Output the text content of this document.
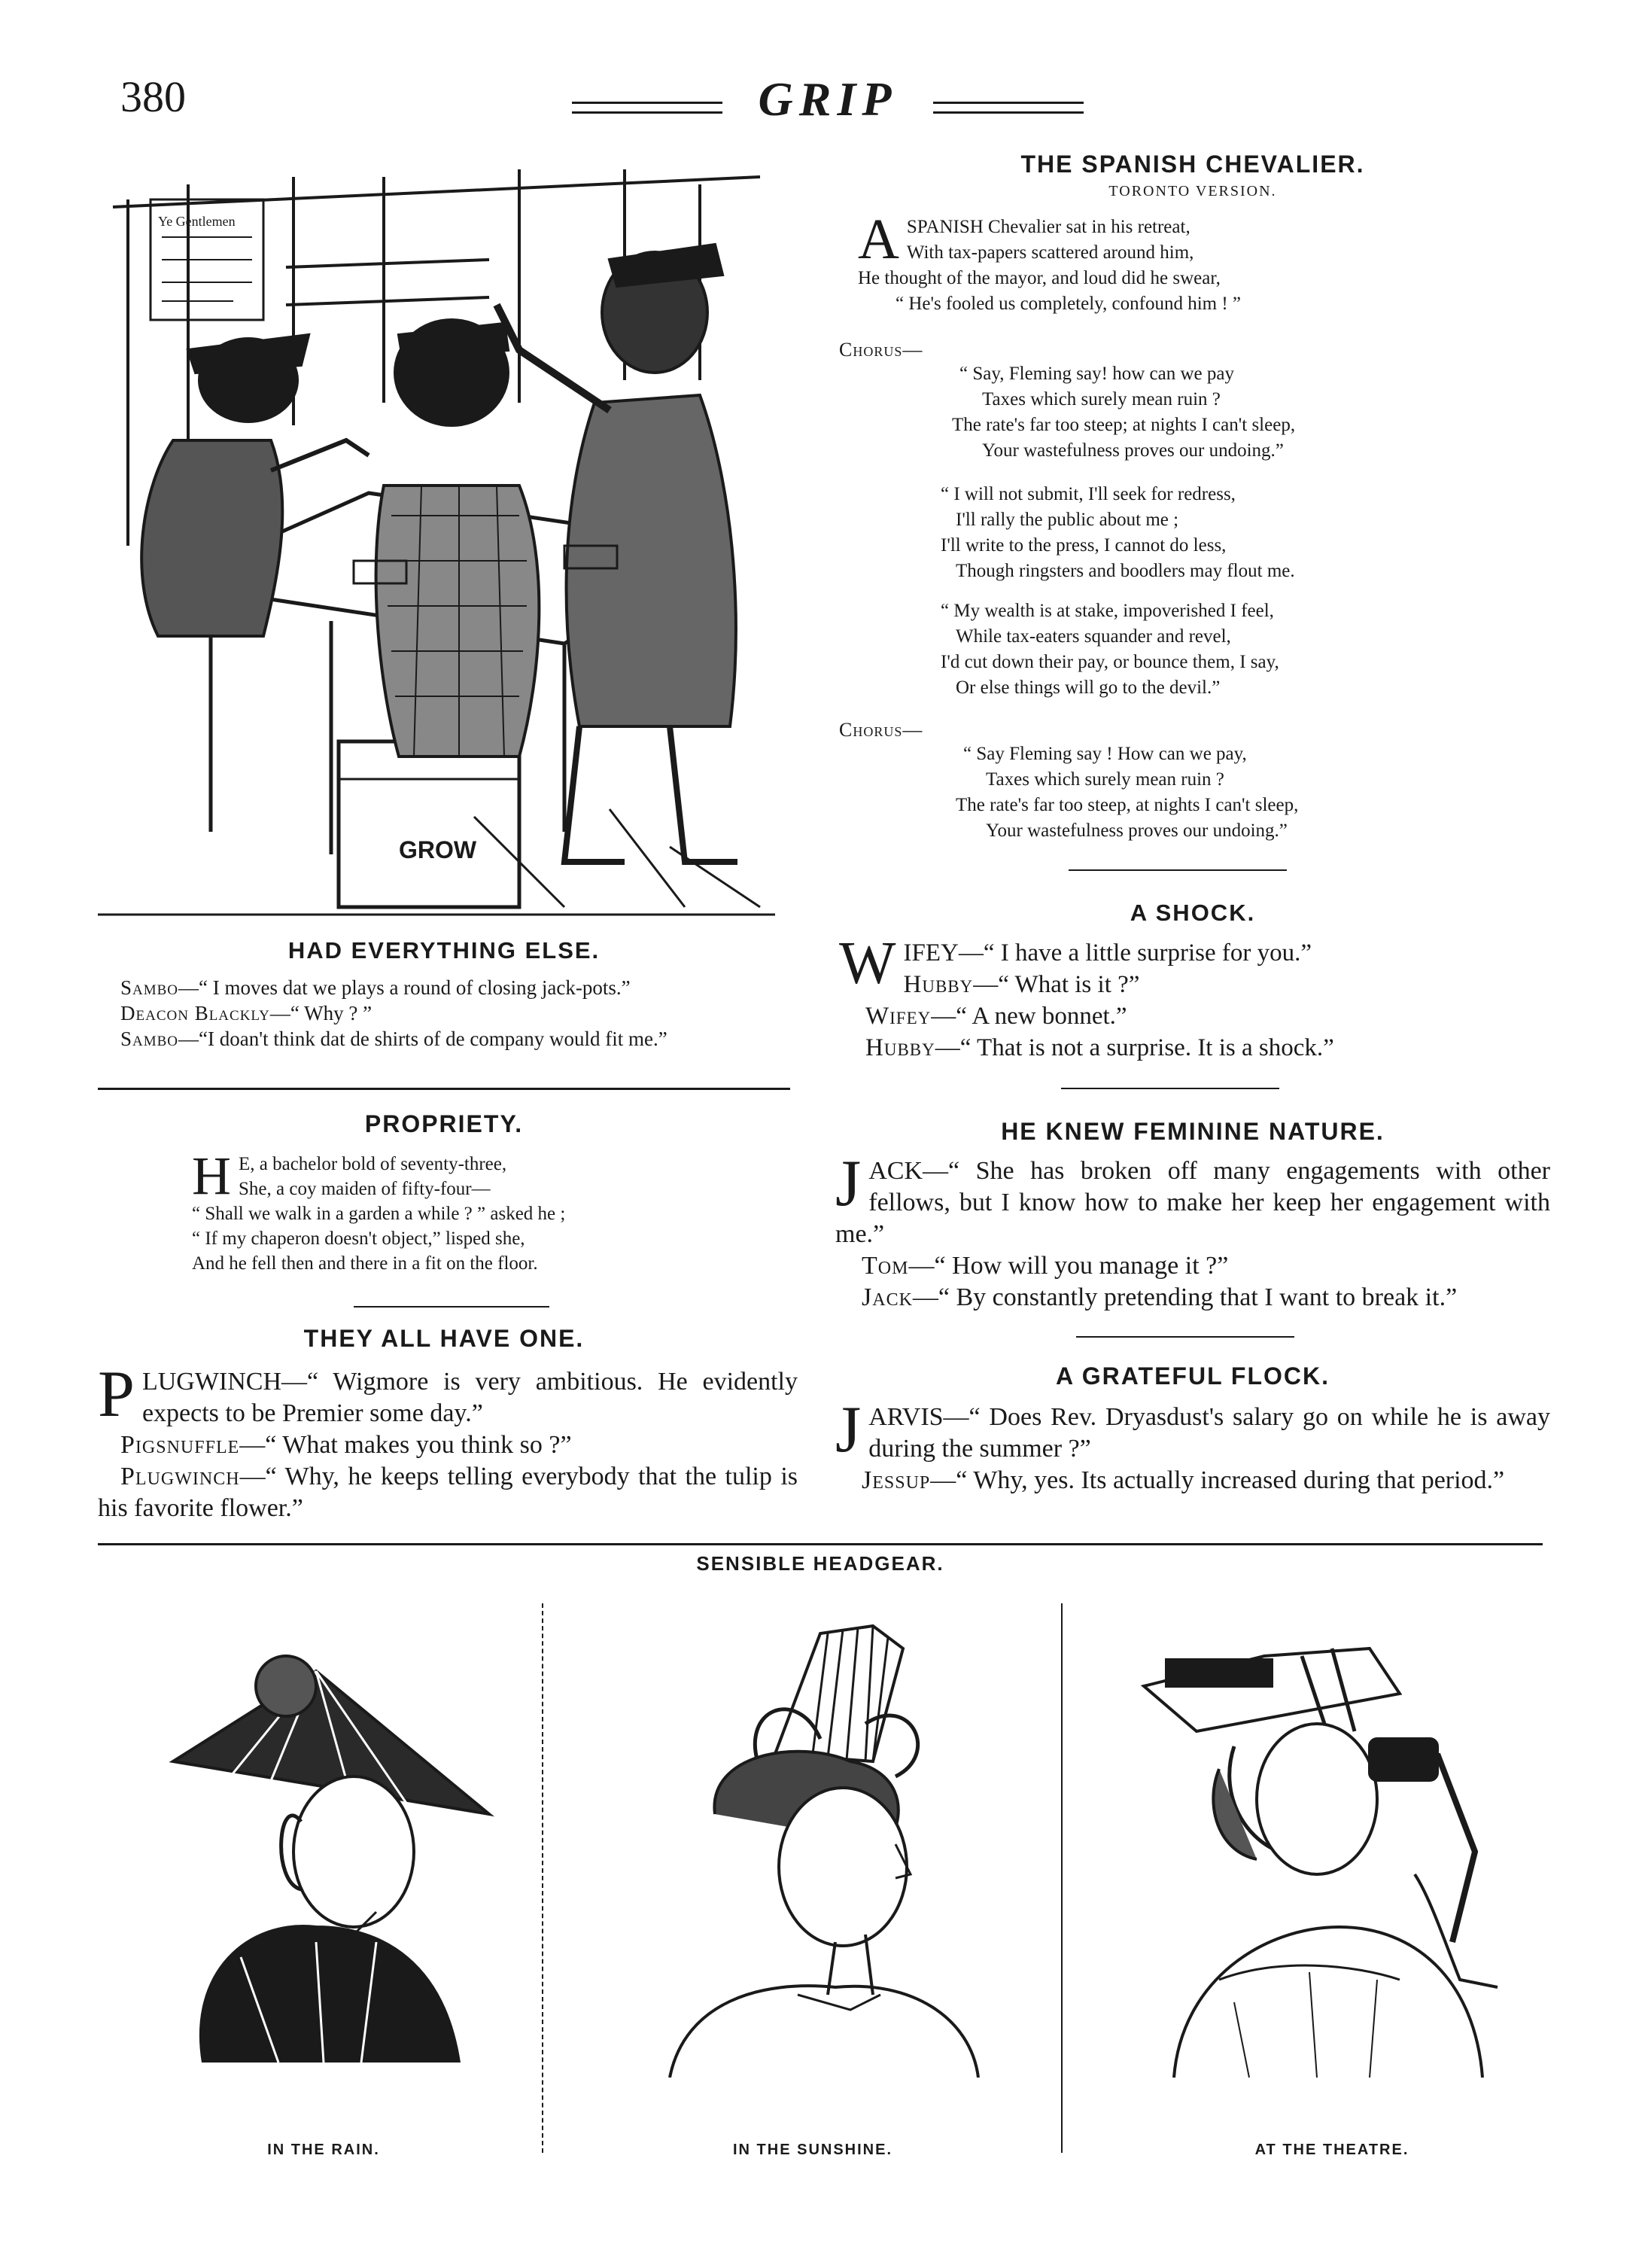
380	GRIP
GROW
Ye Gentlemen
HAD EVERYTHING ELSE.

Sambo—“ I moves dat we plays a round of closing jack-pots.”

Deacon Blackly—“ Why ? ”

Sambo—“I doan't think dat de shirts of de company would fit me.”

PROPRIETY.
H E, a bachelor bold of seventy-three,

She, a coy maiden of fifty-four—

“ Shall we walk in a garden a while ? ” asked he ;

“ If my chaperon doesn't object,” lisped she,

And he fell then and there in a fit on the floor.

THEY ALL HAVE ONE.

PLUGWINCH—“ Wigmore is very ambitious. He evidently expects to be Premier some day.”

Pigsnuffle—“ What makes you think so ?”

Plugwinch—“ Why, he keeps telling everybody that the tulip is his favorite flower.”

THE SPANISH CHEVALIER.
TORONTO VERSION.
A SPANISH Chevalier sat in his retreat,

With tax-papers scattered around him,

He thought of the mayor, and loud did he swear,

“ He's fooled us completely, confound him ! ”

Chorus—

“ Say, Fleming say! how can we pay

Taxes which surely mean ruin ?

The rate's far too steep; at nights I can't sleep,

Your wastefulness proves our undoing.”

“ I will not submit, I'll seek for redress,

I'll rally the public about me ;

I'll write to the press, I cannot do less,

Though ringsters and boodlers may flout me.

“ My wealth is at stake, impoverished I feel,

While tax-eaters squander and revel,

I'd cut down their pay, or bounce them, I say,

Or else things will go to the devil.”

Chorus—

“ Say Fleming say ! How can we pay,

Taxes which surely mean ruin ?

The rate's far too steep, at nights I can't sleep,

Your wastefulness proves our undoing.”

A SHOCK.

WIFEY—“ I have a little surprise for you.”

Hubby—“ What is it ?”

Wifey—“ A new bonnet.”

Hubby—“ That is not a surprise. It is a shock.”

HE KNEW FEMININE NATURE.

JACK—“ She has broken off many engagements with other fellows, but I know how to make her keep her engagement with me.”

Tom—“ How will you manage it ?”

Jack—“ By constantly pretending that I want to break it.”

A GRATEFUL FLOCK.

JARVIS—“ Does Rev. Dryasdust's salary go on while he is away during the summer ?”

Jessup—“ Why, yes. Its actually increased during that period.”

SENSIBLE HEADGEAR.
IN THE RAIN.	IN THE SUNSHINE.	AT THE THEATRE.
